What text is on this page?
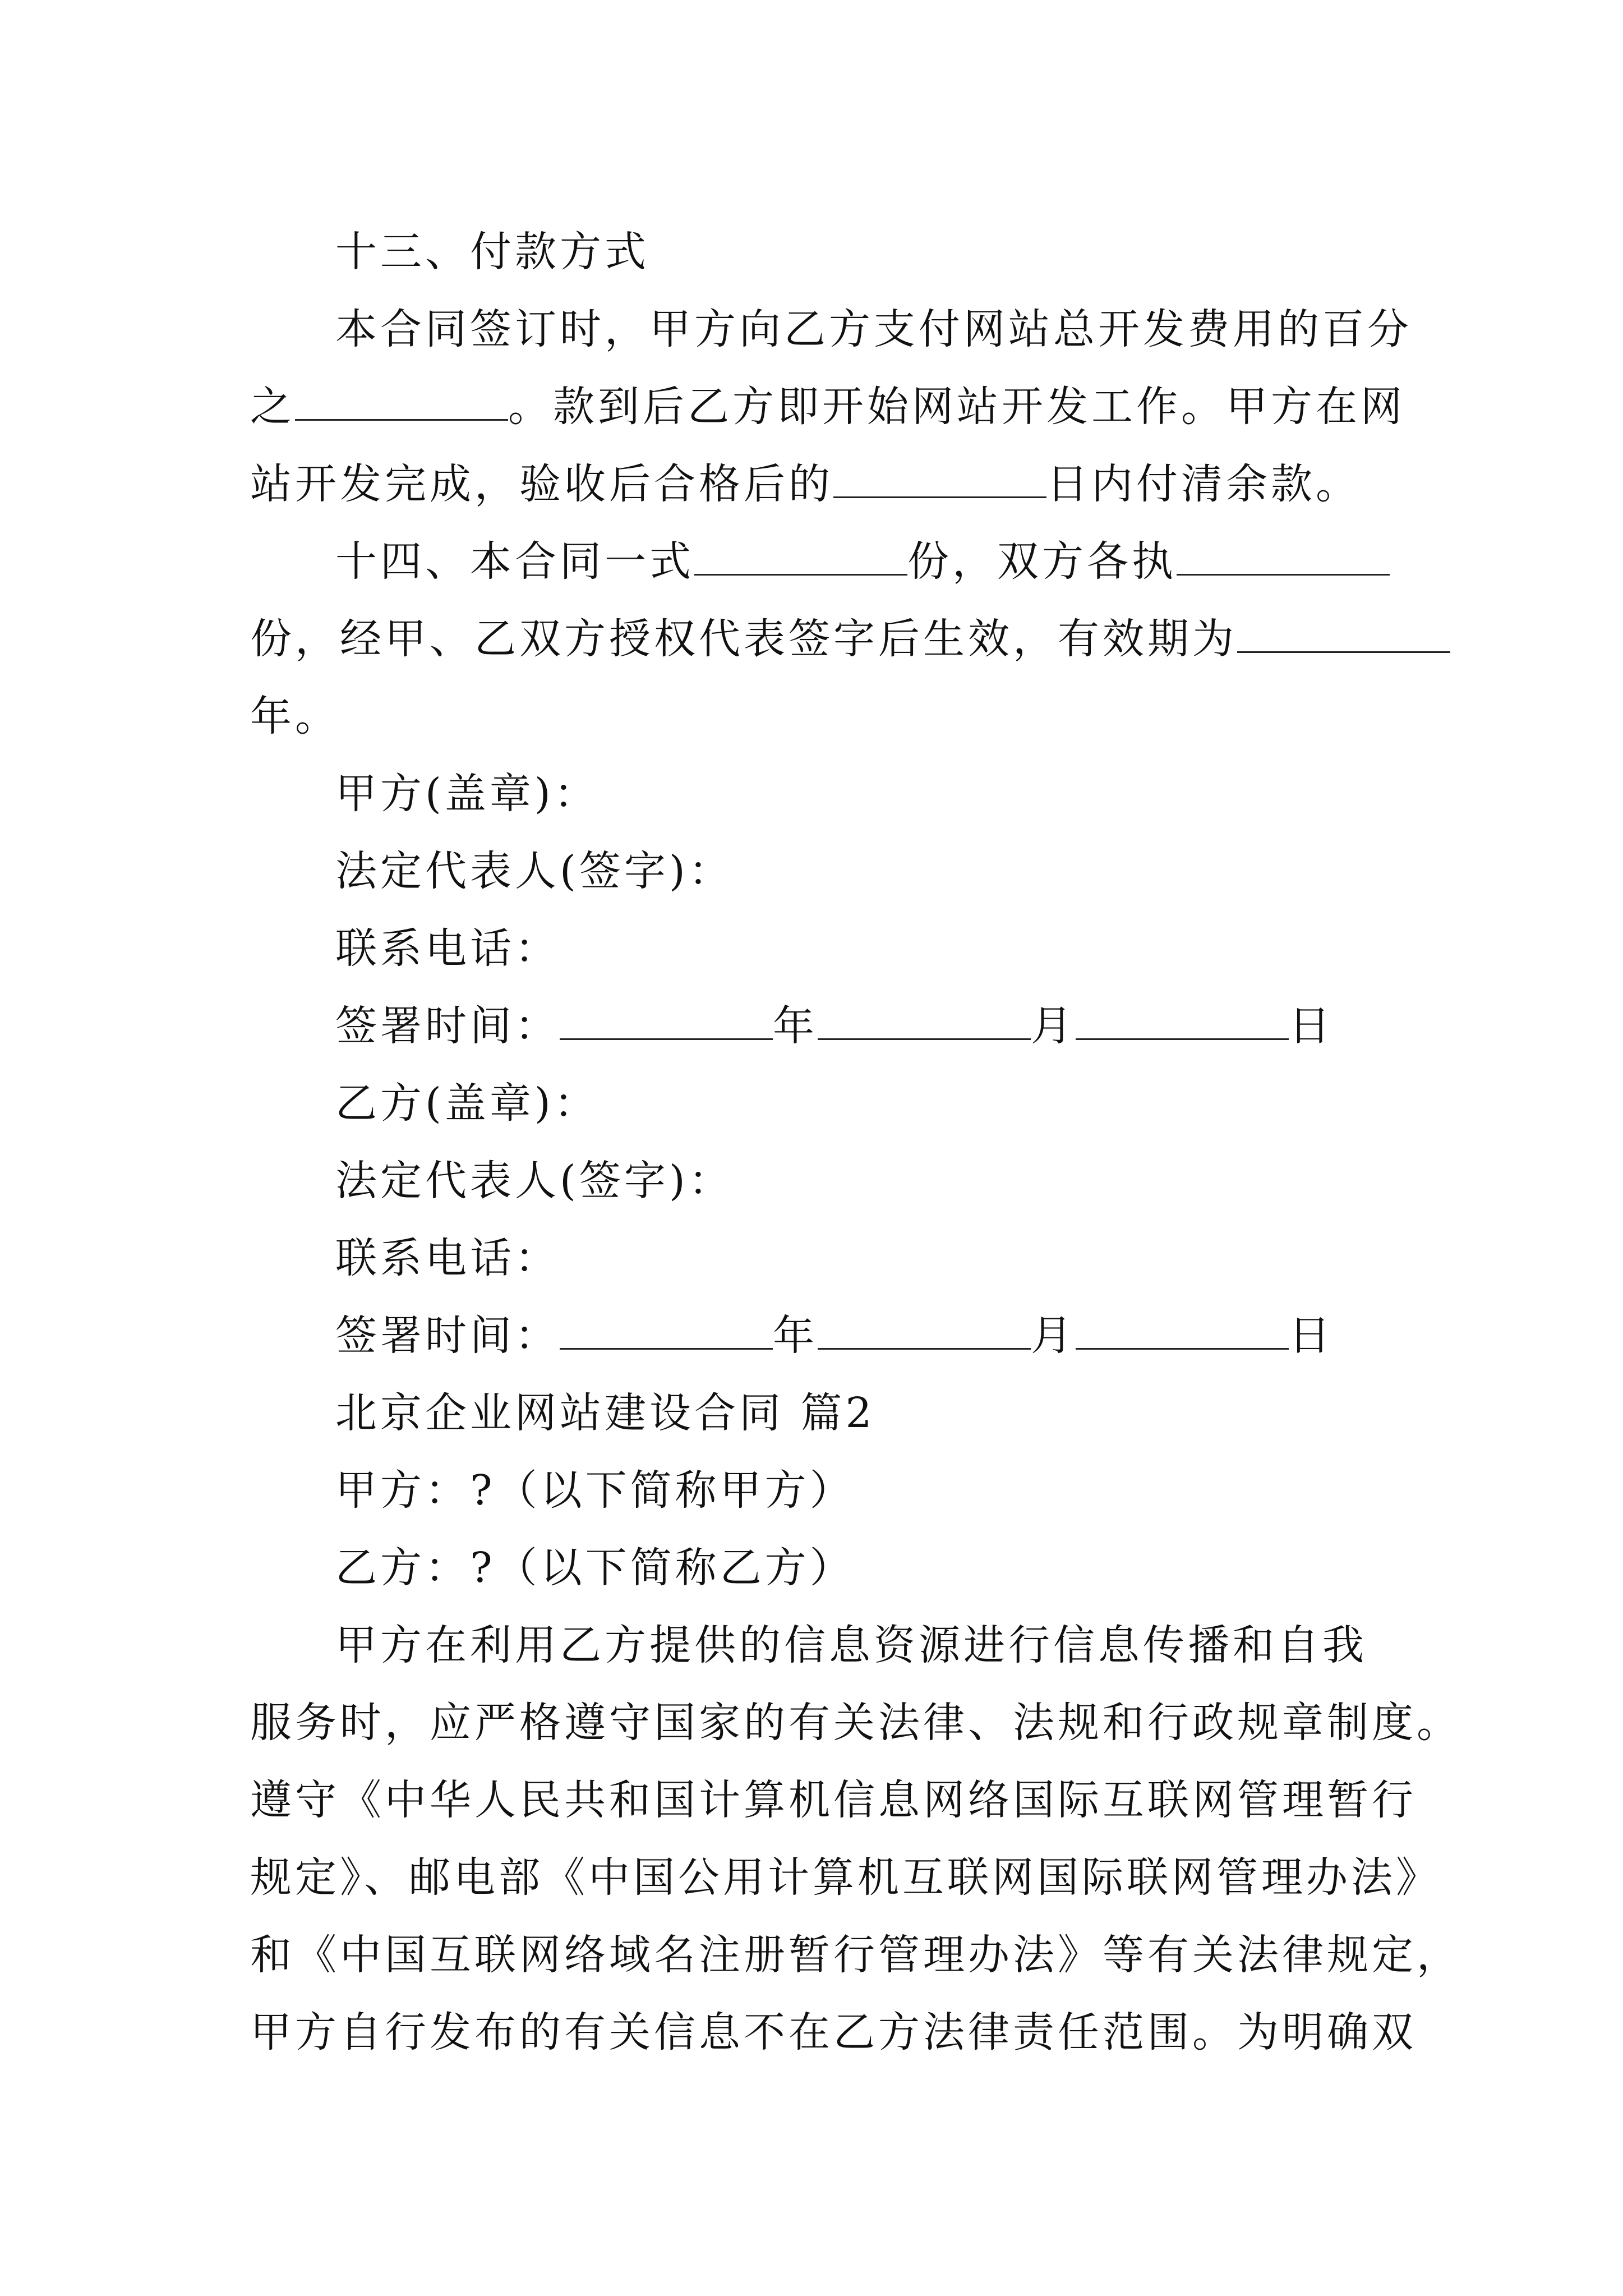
十三、付款方式
本合同签订时，甲方向乙方支付网站总开发费用的百分
之	。款到后乙方即开始网站开发工作。甲方在网
站开发完成，验收后合格后的	日内付清余款。
十四、本合同一式	份，双方各执
份，经甲、乙双方授权代表签字后生效，有效期为
年。
甲方(盖章)：
法定代表人(签字)：
联系电话：
签署时间：	年	月	日
乙方(盖章)：
法定代表人(签字)：
联系电话：
签署时间：	年	月	日
北京企业网站建设合同 篇2
甲方：?（以下简称甲方）
乙方：?（以下简称乙方）
甲方在利用乙方提供的信息资源进行信息传播和自我
服务时，应严格遵守国家的有关法律、法规和行政规章制度。
遵守《中华人民共和国计算机信息网络国际互联网管理暂行
规定》、邮电部《中国公用计算机互联网国际联网管理办法》
和《中国互联网络域名注册暂行管理办法》等有关法律规定，
甲方自行发布的有关信息不在乙方法律责任范围。为明确双
